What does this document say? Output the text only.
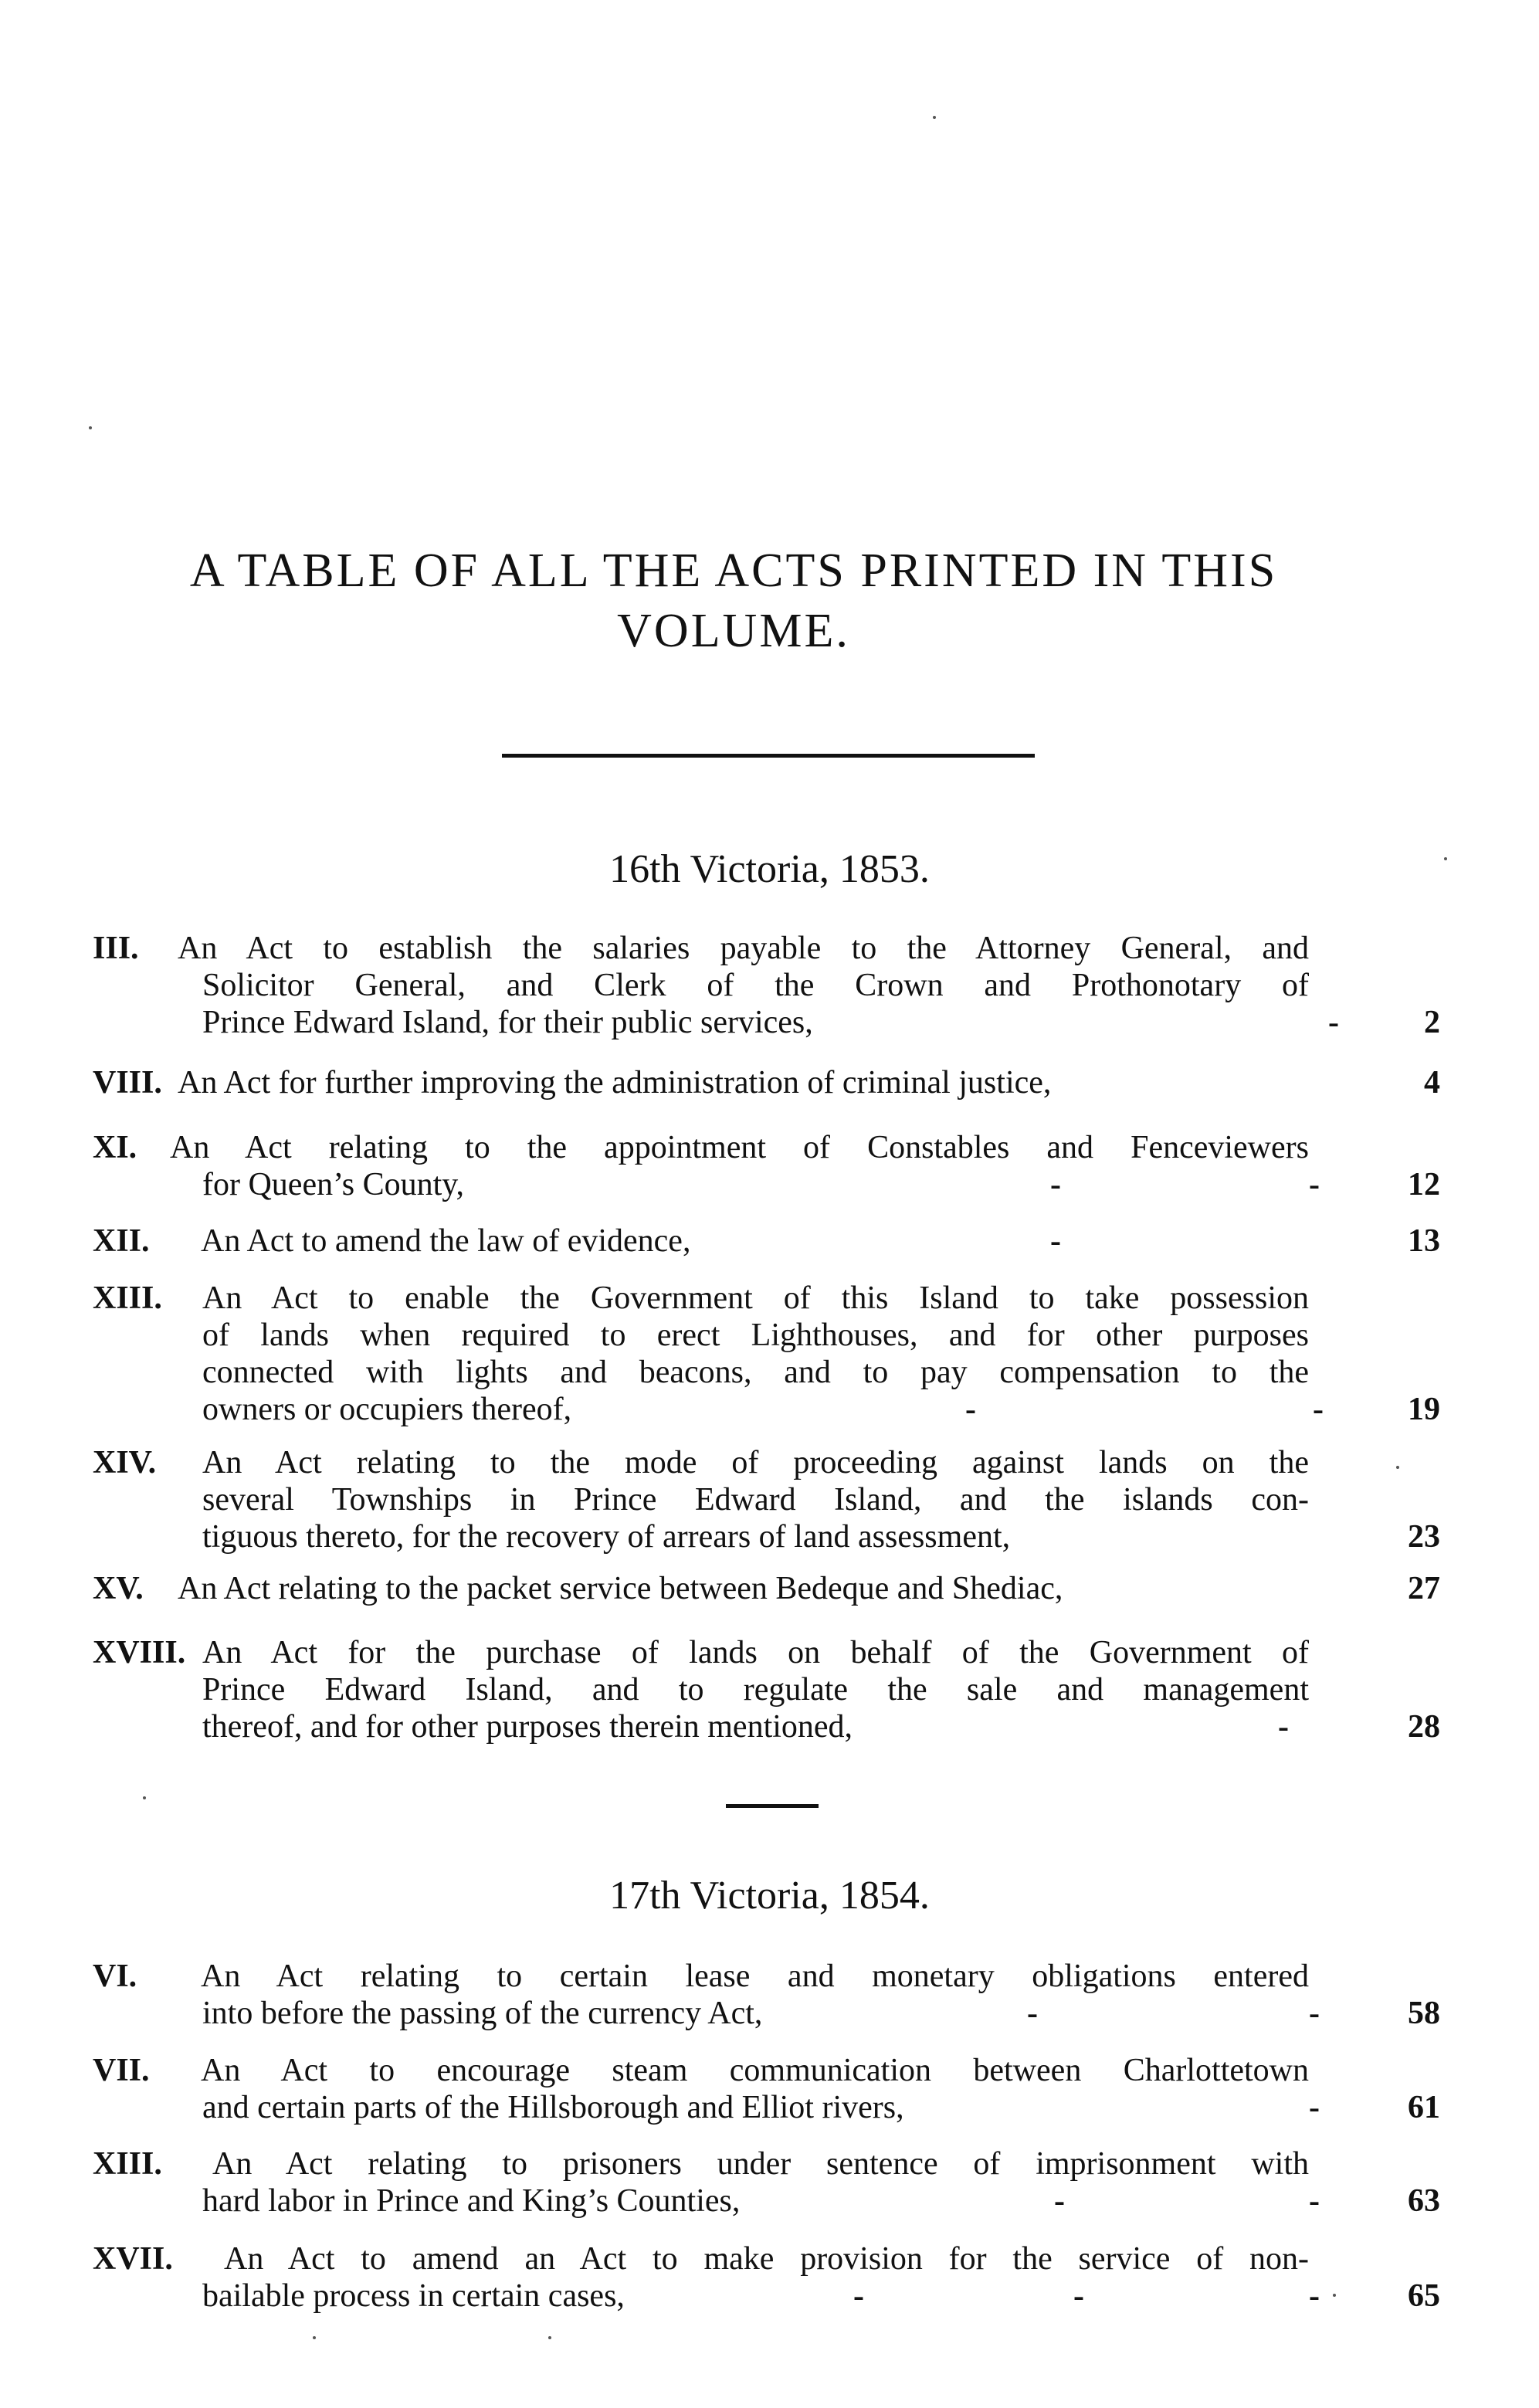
A TABLE OF ALL THE ACTS PRINTED IN THIS VOLUME.
16th Victoria, 1853.
17th Victoria, 1854.
III. An Act to establish the salaries payable to the Attorney General, and
Solicitor General, and Clerk of the Crown and Prothonotary of
Prince Edward Island, for their public services,	-	2
VIII. An Act for further improving the administration of criminal justice,	4
XI. An Act relating to the appointment of Constables and Fenceviewers
for Queen’s County,	-	-	12
XII. An Act to amend the law of evidence,	-	13
XIII. An Act to enable the Government of this Island to take possession
of lands when required to erect Lighthouses, and for other purposes
connected with lights and beacons, and to pay compensation to the
owners or occupiers thereof,	-	-	19
XIV. An Act relating to the mode of proceeding against lands on the
several Townships in Prince Edward Island, and the islands con-
tiguous thereto, for the recovery of arrears of land assessment,	23
XV. An Act relating to the packet service between Bedeque and Shediac,	27
XVIII. An Act for the purchase of lands on behalf of the Government of
Prince Edward Island, and to regulate the sale and management
thereof, and for other purposes therein mentioned,	-	28
VI. An Act relating to certain lease and monetary obligations entered
into before the passing of the currency Act,	-	-	58
VII. An Act to encourage steam communication between Charlottetown
and certain parts of the Hillsborough and Elliot rivers,	-	61
XIII. An Act relating to prisoners under sentence of imprisonment with
hard labor in Prince and King’s Counties,	-	-	63
XVII. An Act to amend an Act to make provision for the service of non-
bailable process in certain cases,	-	-	-	65
